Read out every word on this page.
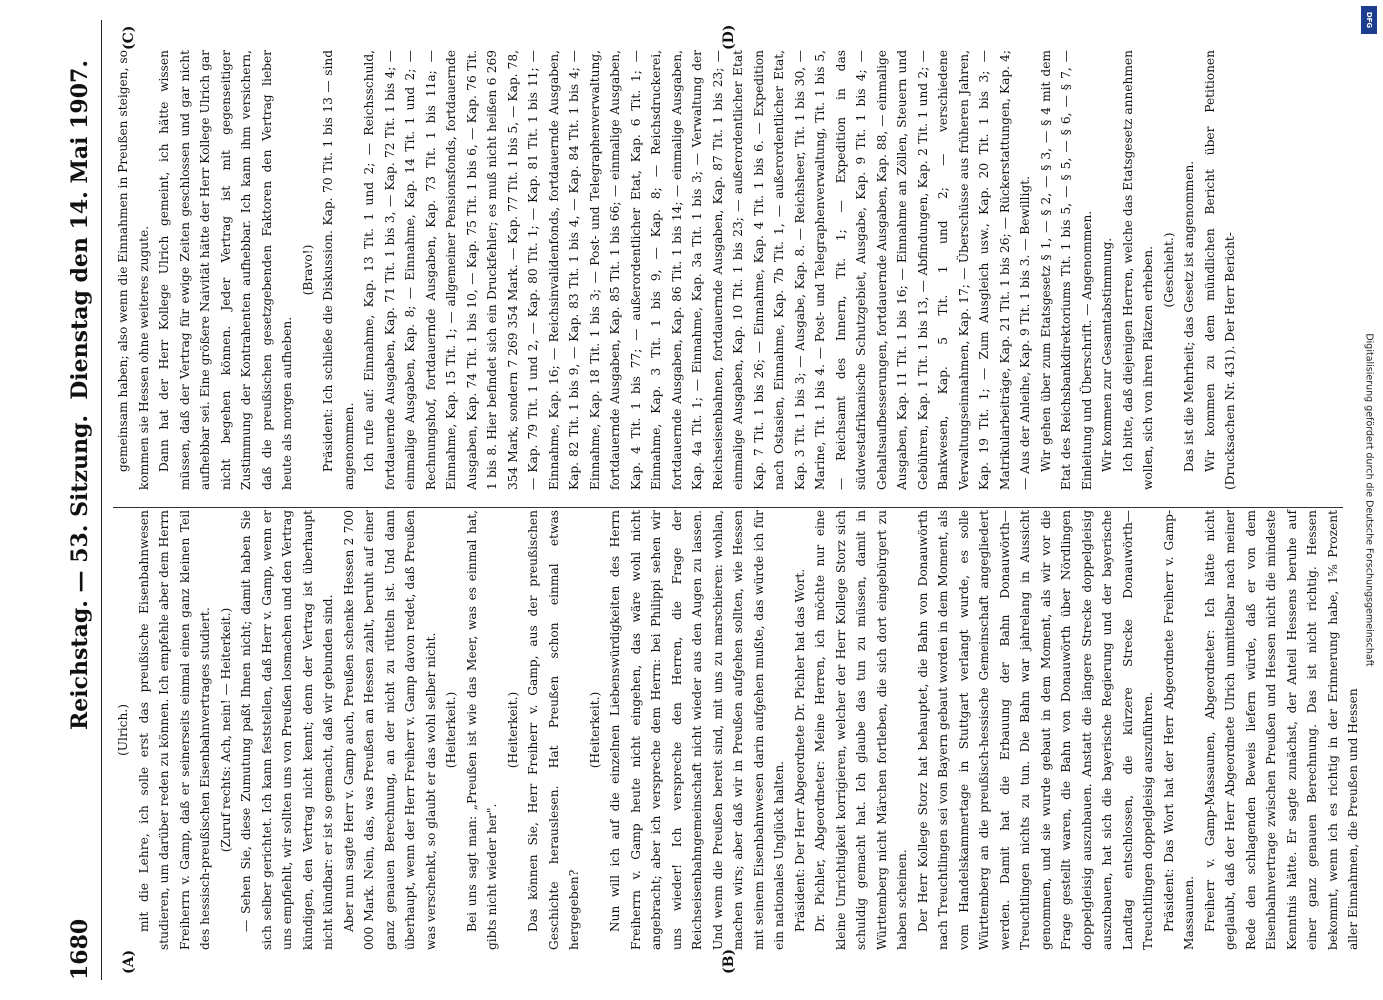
1680
Reichstag. — 53. Sitzung.
Dienstag den 14. Mai 1907.
(A)	(B)
(C)	(D)

(Ulrich.) mit die Lehre, ich solle erst das preußische Eisenbahnwesen studieren, um darüber reden zu können. Ich empfehle aber dem Herrn Freiherrn v. Gamp, daß er seinerseits einmal einen ganz kleinen Teil des hessisch-preußischen Eisenbahnvertrages studiert. (Zuruf rechts: Ach, nein! — Heiterkeit.) — Sehen Sie, diese Zumutung paßt Ihnen nicht; damit haben Sie sich selber gerichtet. Ich kann feststellen, daß Herr v. Gamp, wenn er uns empfiehlt, wir sollten uns von Preußen losmachen und den Vertrag kündigen, den Vertrag nicht kennt; denn der Vertrag ist überhaupt nicht kündbar: er ist so gemacht, daß wir gebunden sind. Aber nun sagte Herr v. Gamp auch, Preußen schenke Hessen 2 700 000 Mark. Nein, das, was Preußen an Hessen zahlt, beruht auf einer ganz genauen Berechnung, an der nicht zu rütteln ist. Und dann überhaupt, wenn der Herr Freiherr v. Gamp davon redet, daß Preußen was verschenkt, so glaubt er das wohl selber nicht. (Heiterkeit.) Bei uns sagt man: „Preußen ist wie das Meer, was es einmal hat, gibts nicht wieder her".

(Heiterkeit.) Das können Sie, Herr Freiherr v. Gamp, aus der preußischen Geschichte herauslesen. Hat Preußen schon einmal etwas hergegeben?

(Heiterkeit.) Nun will ich auf die einzelnen Liebenswürdigkeiten des Herrn Freiherrn v. Gamp heute nicht eingehen, das wäre wohl nicht angebracht; aber ich verspreche dem Herrn: bei Philippi sehen wir uns wieder! Ich verspreche den Herren, die Frage der Reichseisenbahngemeinschaft nicht wieder aus den Augen zu lassen. Und wenn die Preußen bereit sind, mit uns zu marschieren: wohlan, machen wirs; aber daß wir in Preußen aufgehen sollten, wie Hessen mit seinem Eisenbahnwesen darin aufgehen mußte, das würde ich für ein nationales Unglück halten. Präsident: Der Herr Abgeordnete Dr. Pichler hat das Wort. Dr. Pichler, Abgeordneter: Meine Herren, ich möchte nur eine kleine Unrichtigkeit korrigieren, welcher der Herr Kollege Storz sich schuldig gemacht hat. Ich glaube das tun zu müssen, damit in Württemberg nicht Märchen fortleben, die sich dort eingebürgert zu haben scheinen. Der Herr Kollege Storz hat behauptet, die Bahn von Donauwörth nach Treuchtlingen sei von Bayern gebaut worden in dem Moment, als vom Handelskammertage in Stuttgart verlangt wurde, es solle Württemberg an die preußisch-hessische Gemeinschaft angegliedert werden. Damit hat die Erbauung der Bahn Donauwörth—Treuchtlingen nichts zu tun. Die Bahn war jahrelang in Aussicht genommen, und sie wurde gebaut in dem Moment, als wir vor die Frage gestellt waren, die Bahn von Donauwörth über Nördlingen doppelgleisig auszubauen. Anstatt die längere Strecke doppelgleisig auszubauen, hat sich die bayerische Regierung und der bayerische Landtag entschlossen, die kürzere Strecke Donauwörth—Treuchtlingen doppelgleisig auszuführen. Präsident: Das Wort hat der Herr Abgeordnete Freiherr v. Gamp-Massaunen. Freiherr v. Gamp-Massaunen, Abgeordneter: Ich hätte nicht geglaubt, daß der Herr Abgeordnete Ulrich unmittelbar nach meiner Rede den schlagenden Beweis liefern würde, daß er von dem Eisenbahnvertrage zwischen Preußen und Hessen nicht die mindeste Kenntnis hätte. Er sagte zunächst, der Anteil Hessens beruhe auf einer ganz genauen Berechnung. Das ist nicht richtig. Hessen bekommt, wenn ich es richtig in der Erinnerung habe, 1⅝ Prozent aller Einnahmen, die Preußen und Hessen

gemeinsam haben; also wenn die Einnahmen in Preußen steigen, so kommen sie Hessen ohne weiteres zugute. Dann hat der Herr Kollege Ulrich gemeint, ich hätte wissen müssen, daß der Vertrag für ewige Zeiten geschlossen und gar nicht aufhebbar sei. Eine größere Naivität hätte der Herr Kollege Ulrich gar nicht begehen können. Jeder Vertrag ist mit gegenseitiger Zustimmung der Kontrahenten aufhebbar. Ich kann ihm versichern, daß die preußischen gesetzgebenden Faktoren den Vertrag lieber heute als morgen aufheben.

(Bravo!) Präsident: Ich schließe die Diskussion. Kap. 70 Tit. 1 bis 13 — sind angenommen. Ich rufe auf: Einnahme, Kap. 13 Tit. 1 und 2; — Reichsschuld, fortdauernde Ausgaben, Kap. 71 Tit. 1 bis 3, — Kap. 72 Tit. 1 bis 4; — einmalige Ausgaben, Kap. 8; — Einnahme, Kap. 14 Tit. 1 und 2; — Rechnungshof, fortdauernde Ausgaben, Kap. 73 Tit. 1 bis 11a; — Einnahme, Kap. 15 Tit. 1; — allgemeiner Pensionsfonds, fortdauernde Ausgaben, Kap. 74 Tit. 1 bis 10, — Kap. 75 Tit. 1 bis 6, — Kap. 76 Tit. 1 bis 8. Hier befindet sich ein Druckfehler; es muß nicht heißen 6 269 354 Mark, sondern 7 269 354 Mark. — Kap. 77 Tit. 1 bis 5, — Kap. 78, — Kap. 79 Tit. 1 und 2, — Kap. 80 Tit. 1; — Kap. 81 Tit. 1 bis 11; — Einnahme, Kap. 16; — Reichsinvalidenfonds, fortdauernde Ausgaben, Kap. 82 Tit. 1 bis 9, — Kap. 83 Tit. 1 bis 4, — Kap. 84 Tit. 1 bis 4; — Einnahme, Kap. 18 Tit. 1 bis 3; — Post- und Telegraphenverwaltung, fortdauernde Ausgaben, Kap. 85 Tit. 1 bis 66; — einmalige Ausgaben, Kap. 4 Tit. 1 bis 77; — außerordentlicher Etat, Kap. 6 Tit. 1; — Einnahme, Kap. 3 Tit. 1 bis 9, — Kap. 8; — Reichsdruckerei, fortdauernde Ausgaben, Kap. 86 Tit. 1 bis 14; — einmalige Ausgaben, Kap. 4a Tit. 1; — Einnahme, Kap. 3a Tit. 1 bis 3; — Verwaltung der Reichseisenbahnen, fortdauernde Ausgaben, Kap. 87 Tit. 1 bis 23; — einmalige Ausgaben, Kap. 10 Tit. 1 bis 23; — außerordentlicher Etat Kap. 7 Tit. 1 bis 26; — Einnahme, Kap. 4 Tit. 1 bis 6. — Expedition nach Ostasien, Einnahme, Kap. 7b Tit. 1, — außerordentlicher Etat, Kap. 3 Tit. 1 bis 3; — Ausgabe, Kap. 8. — Reichsheer, Tit. 1 bis 30, — Marine, Tit. 1 bis 4. — Post- und Telegraphenverwaltung, Tit. 1 bis 5, — Reichsamt des Innern, Tit. 1; — Expedition in das südwestafrikanische Schutzgebiet, Ausgabe, Kap. 9 Tit. 1 bis 4; — Gehaltsaufbesserungen, fortdauernde Ausgaben, Kap. 88, — einmalige Ausgaben, Kap. 11 Tit. 1 bis 16; — Einnahme an Zöllen, Steuern und Gebühren, Kap. 1 Tit. 1 bis 13, — Abfindungen, Kap. 2 Tit. 1 und 2; — Bankwesen, Kap. 5 Tit. 1 und 2; — verschiedene Verwaltungseinnahmen, Kap. 17; — Überschüsse aus früheren Jahren, Kap. 19 Tit. 1; — Zum Ausgleich usw., Kap. 20 Tit. 1 bis 3; — Matrikularbeiträge, Kap. 21 Tit. 1 bis 26; — Rückerstattungen, Kap. 4; — Aus der Anleihe, Kap. 9 Tit. 1 bis 3. — Bewilligt. Wir gehen über zum Etatsgesetz § 1, — § 2, — § 3, — § 4 mit dem Etat des Reichsbankdirektoriums Tit. 1 bis 5, — § 5, — § 6, — § 7, — Einleitung und Überschrift. — Angenommen. Wir kommen zur Gesamtabstimmung. Ich bitte, daß diejenigen Herren, welche das Etatsgesetz annehmen wollen, sich von ihren Plätzen erheben. (Geschieht.) Das ist die Mehrheit; das Gesetz ist angenommen. Wir kommen zu dem mündlichen Bericht über Petitionen (Drucksachen Nr. 431). Der Herr Bericht-	Digitalisierung gefördert durch die Deutsche Forschungsgemeinschaft
DFG
